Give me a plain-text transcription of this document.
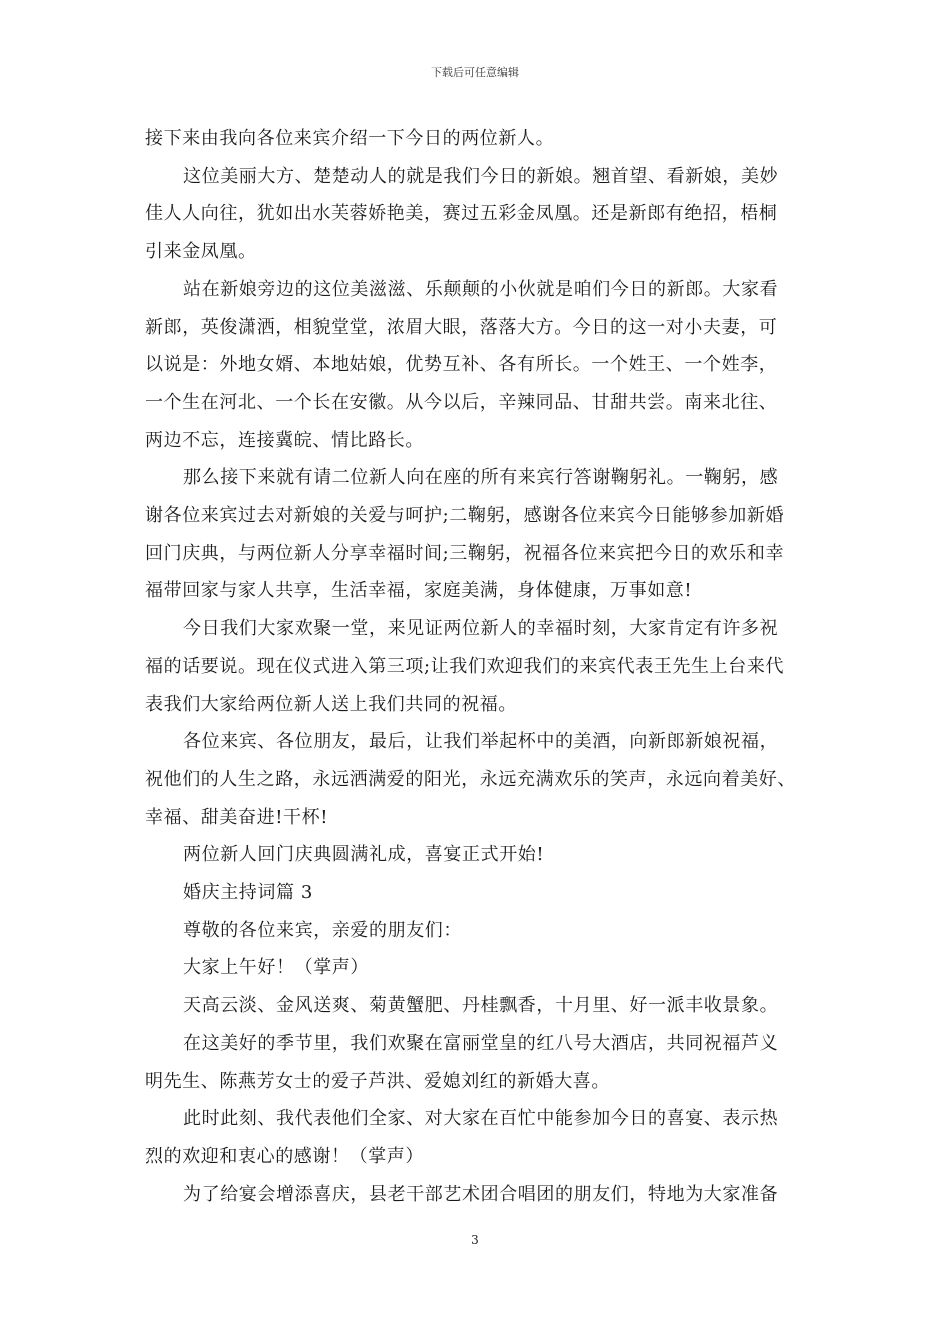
下载后可任意编辑

接下来由我向各位来宾介绍一下今日的两位新人。

这位美丽大方、楚楚动人的就是我们今日的新娘。翘首望、看新娘，美妙

佳人人向往，犹如出水芙蓉娇艳美，赛过五彩金凤凰。还是新郎有绝招，梧桐

引来金凤凰。

站在新娘旁边的这位美滋滋、乐颠颠的小伙就是咱们今日的新郎。大家看

新郎，英俊潇洒，相貌堂堂，浓眉大眼，落落大方。今日的这一对小夫妻，可

以说是：外地女婿、本地姑娘，优势互补、各有所长。一个姓王、一个姓李，

一个生在河北、一个长在安徽。从今以后，辛辣同品、甘甜共尝。南来北往、

两边不忘，连接冀皖、情比路长。

那么接下来就有请二位新人向在座的所有来宾行答谢鞠躬礼。一鞠躬，感

谢各位来宾过去对新娘的关爱与呵护;二鞠躬，感谢各位来宾今日能够参加新婚

回门庆典，与两位新人分享幸福时间;三鞠躬，祝福各位来宾把今日的欢乐和幸

福带回家与家人共享，生活幸福，家庭美满，身体健康，万事如意!

今日我们大家欢聚一堂，来见证两位新人的幸福时刻，大家肯定有许多祝

福的话要说。现在仪式进入第三项;让我们欢迎我们的来宾代表王先生上台来代

表我们大家给两位新人送上我们共同的祝福。

各位来宾、各位朋友，最后，让我们举起杯中的美酒，向新郎新娘祝福，

祝他们的人生之路，永远洒满爱的阳光，永远充满欢乐的笑声，永远向着美好、

幸福、甜美奋进!干杯!

两位新人回门庆典圆满礼成，喜宴正式开始!

婚庆主持词篇 3

尊敬的各位来宾，亲爱的朋友们：

大家上午好！（掌声）

天高云淡、金风送爽、菊黄蟹肥、丹桂飘香，十月里、好一派丰收景象。

在这美好的季节里，我们欢聚在富丽堂皇的红八号大酒店，共同祝福芦义

明先生、陈燕芳女士的爱子芦洪、爱媳刘红的新婚大喜。

此时此刻、我代表他们全家、对大家在百忙中能参加今日的喜宴、表示热

烈的欢迎和衷心的感谢！（掌声）

为了给宴会增添喜庆，县老干部艺术团合唱团的朋友们，特地为大家准备

3
